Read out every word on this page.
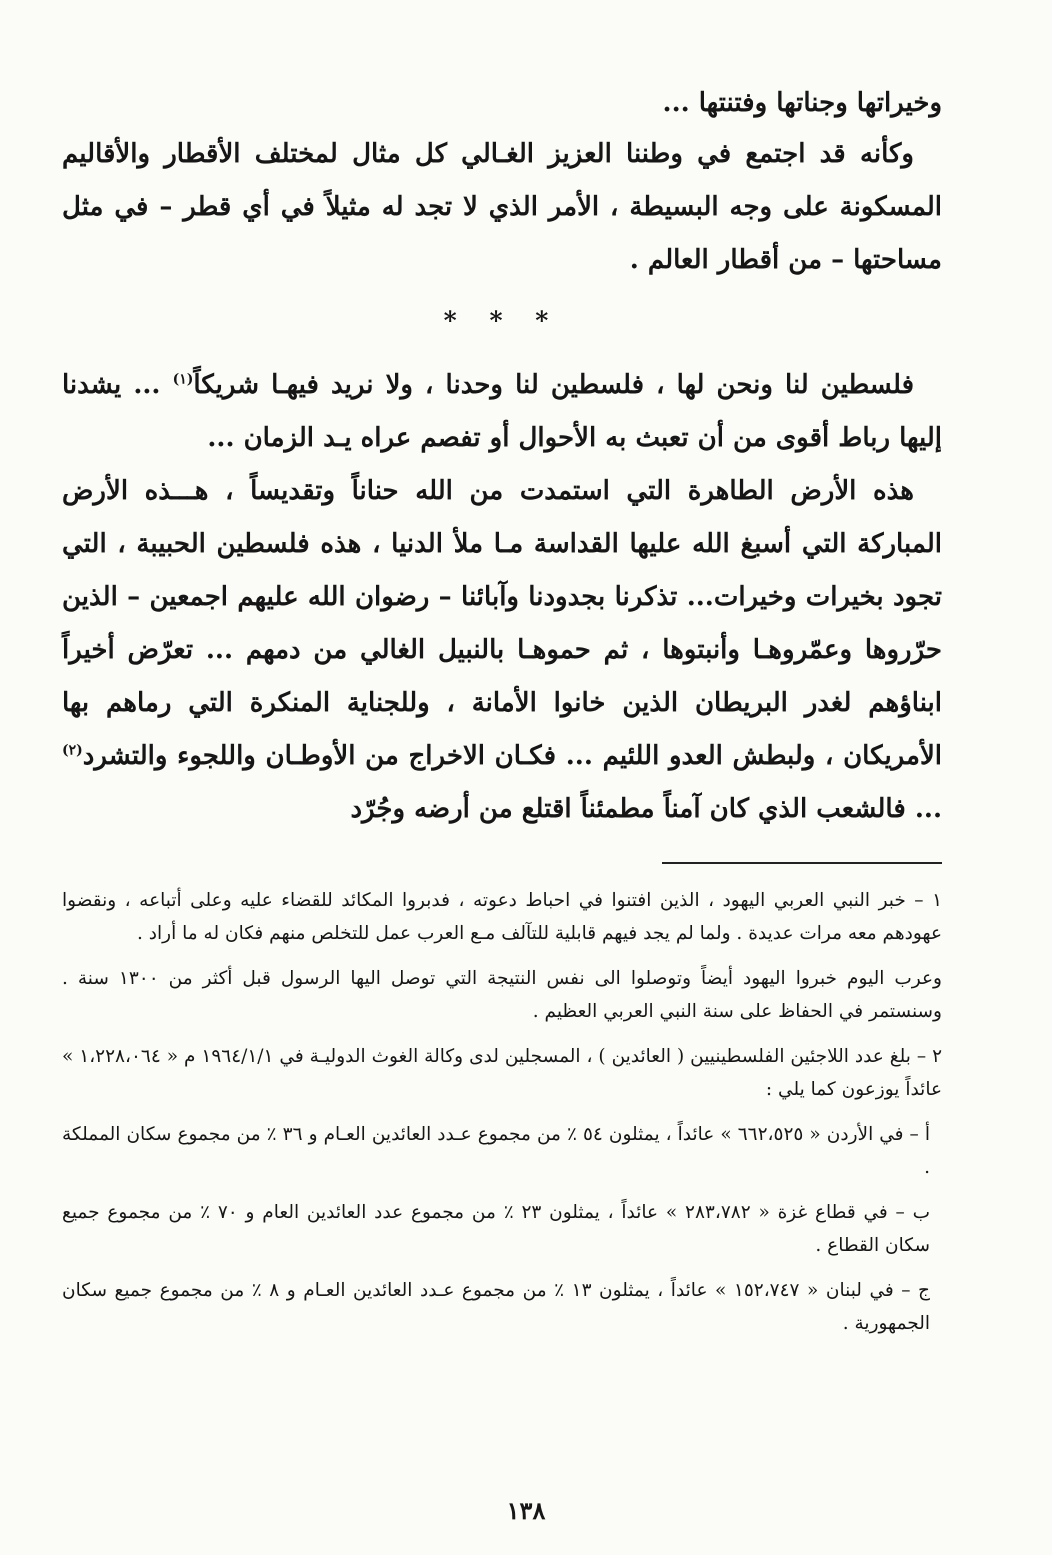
وخيراتها وجناتها وفتنتها ...

وكأنه قد اجتمع في وطننا العزيز الغـالي كل مثال لمختلف الأقطار والأقاليم المسكونة على وجه البسيطة ، الأمر الذي لا تجد له مثيلاً في أي قطر – في مثل مساحتها – من أقطار العالم .

* * *

فلسطين لنا ونحن لها ، فلسطين لنا وحدنا ، ولا نريد فيهـا شريكاً$^{(١)}$ ... يشدنا إليها رباط أقوى من أن تعبث به الأحوال أو تفصم عراه يـد الزمان ...

هذه الأرض الطاهرة التي استمدت من الله حناناً وتقديساً ، هـــذه الأرض المباركة التي أسبغ الله عليها القداسة مـا ملأ الدنيا ، هذه فلسطين الحبيبة ، التي تجود بخيرات وخيرات... تذكرنا بجدودنا وآبائنا – رضوان الله عليهم اجمعين – الذين حرّروها وعمّروهـا وأنبتوها ، ثم حموهـا بالنبيل الغالي من دمهم ... تعرّض أخيراً ابناؤهم لغدر البريطان الذين خانوا الأمانة ، وللجناية المنكرة التي رماهم بها الأمريكان ، ولبطش العدو اللئيم ... فكـان الاخراج من الأوطـان واللجوء والتشرد$^{(٢)}$ ... فالشعب الذي كان آمناً مطمئناً اقتلع من أرضه وجُرّد

١ – خبر النبي العربي اليهود ، الذين افتنوا في احباط دعوته ، فدبروا المكائد للقضاء عليه وعلى أتباعه ، ونقضوا عهودهم معه مرات عديدة . ولما لم يجد فيهم قابلية للتآلف مـع العرب عمل للتخلص منهم فكان له ما أراد .

وعرب اليوم خبروا اليهود أيضاً وتوصلوا الى نفس النتيجة التي توصل اليها الرسول قبل أكثر من ١٣٠٠ سنة . وسنستمر في الحفاظ على سنة النبي العربي العظيم .

٢ – بلغ عدد اللاجئين الفلسطينيين ( العائدين ) ، المسجلين لدى وكالة الغوث الدوليـة في ١٩٦٤/١/١ م « ١،٢٢٨،٠٦٤ » عائداً يوزعون كما يلي :

أ – في الأردن « ٦٦٢،٥٢٥ » عائداً ، يمثلون ٥٤ ٪ من مجموع عـدد العائدين العـام و ٣٦ ٪ من مجموع سكان المملكة .

ب – في قطاع غزة « ٢٨٣،٧٨٢ » عائداً ، يمثلون ٢٣ ٪ من مجموع عدد العائدين العام و ٧٠ ٪ من مجموع جميع سكان القطاع .

ج – في لبنان « ١٥٢،٧٤٧ » عائداً ، يمثلون ١٣ ٪ من مجموع عـدد العائدين العـام و ٨ ٪ من مجموع جميع سكان الجمهورية .

١٣٨
